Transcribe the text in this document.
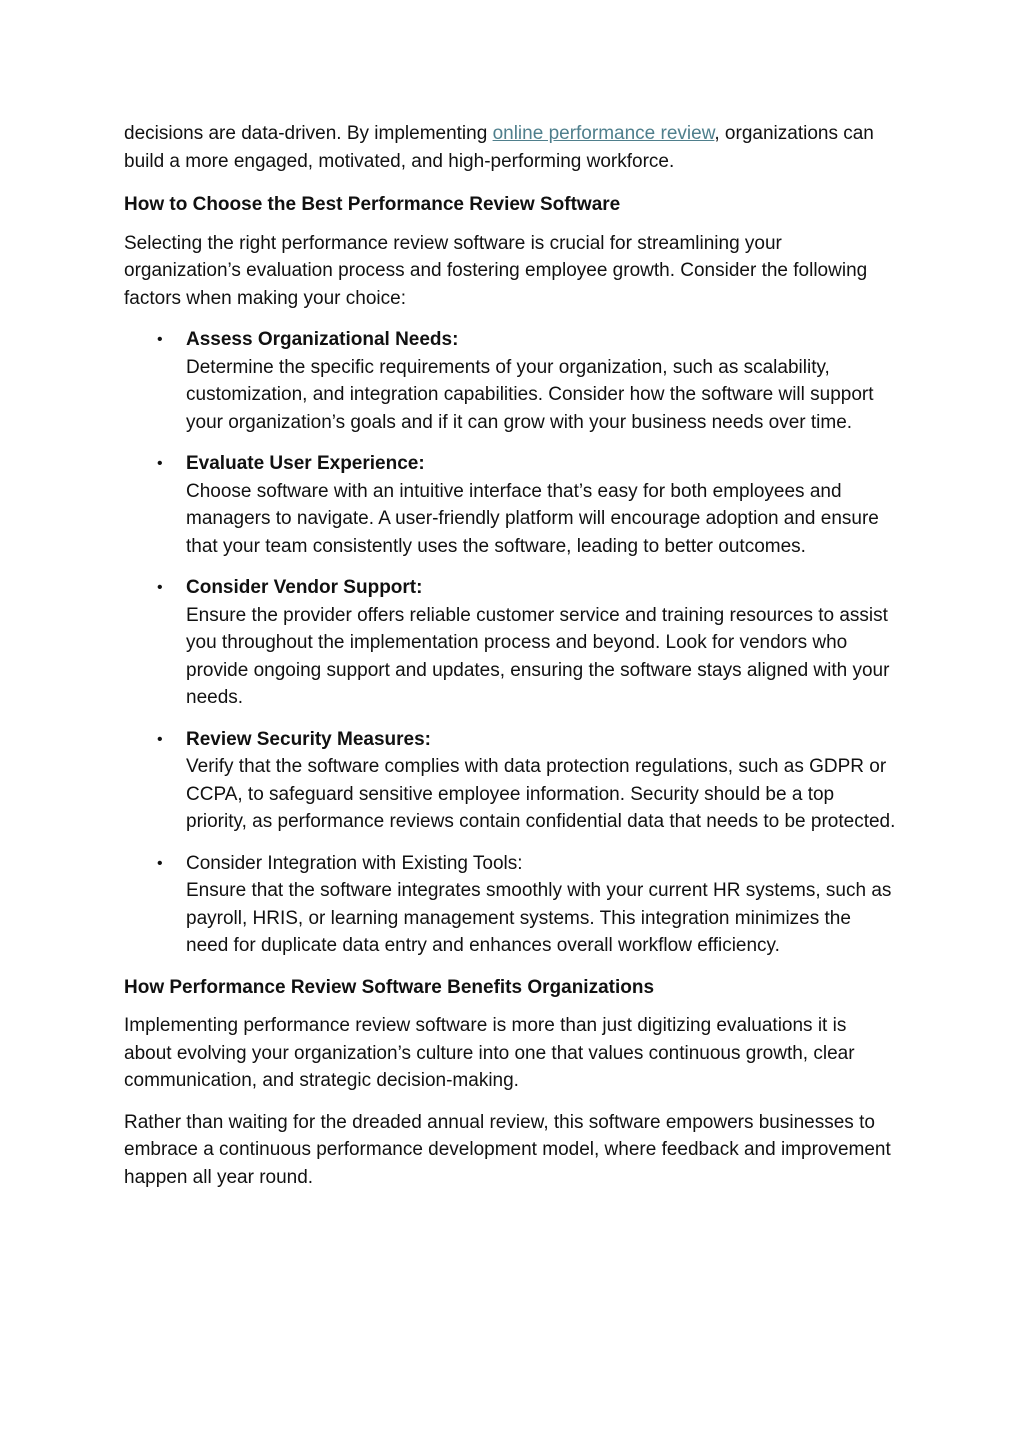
decisions are data-driven. By implementing online performance review, organizations can build a more engaged, motivated, and high-performing workforce.

How to Choose the Best Performance Review Software

Selecting the right performance review software is crucial for streamlining your organization’s evaluation process and fostering employee growth. Consider the following factors when making your choice:

• Assess Organizational Needs:
Determine the specific requirements of your organization, such as scalability, customization, and integration capabilities. Consider how the software will support your organization’s goals and if it can grow with your business needs over time.
• Evaluate User Experience:
Choose software with an intuitive interface that’s easy for both employees and managers to navigate. A user-friendly platform will encourage adoption and ensure that your team consistently uses the software, leading to better outcomes.
• Consider Vendor Support:
Ensure the provider offers reliable customer service and training resources to assist you throughout the implementation process and beyond. Look for vendors who provide ongoing support and updates, ensuring the software stays aligned with your needs.
• Review Security Measures:
Verify that the software complies with data protection regulations, such as GDPR or CCPA, to safeguard sensitive employee information. Security should be a top priority, as performance reviews contain confidential data that needs to be protected.
• Consider Integration with Existing Tools:
Ensure that the software integrates smoothly with your current HR systems, such as payroll, HRIS, or learning management systems. This integration minimizes the need for duplicate data entry and enhances overall workflow efficiency.
How Performance Review Software Benefits Organizations

Implementing performance review software is more than just digitizing evaluations it is about evolving your organization’s culture into one that values continuous growth, clear communication, and strategic decision-making.

Rather than waiting for the dreaded annual review, this software empowers businesses to embrace a continuous performance development model, where feedback and improvement happen all year round.
